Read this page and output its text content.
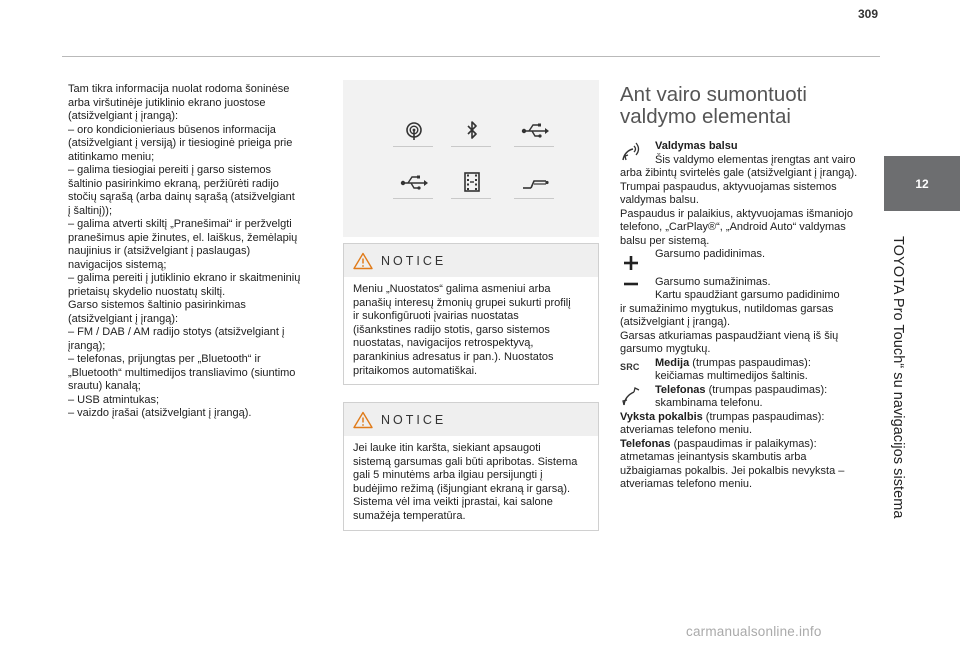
309
12
TOYOTA Pro Touch“ su navigacijos sistema

Tam tikra informacija nuolat rodoma šoninėse

arba viršutinėje jutiklinio ekrano juostose

(atsižvelgiant į įrangą):

– oro kondicionieriaus būsenos informacija

(atsižvelgiant į versiją) ir tiesioginė prieiga prie

atitinkamo meniu;

– galima tiesiogiai pereiti į garso sistemos

šaltinio pasirinkimo ekraną, peržiūrėti radijo

stočių sąrašą (arba dainų sąrašą (atsižvelgiant

į šaltinį));

– galima atverti skiltį „Pranešimai“ ir peržvelgti

pranešimus apie žinutes, el. laiškus, žemėlapių

naujinius ir (atsižvelgiant į paslaugas)

navigacijos sistemą;

– galima pereiti į jutiklinio ekrano ir skaitmeninių

prietaisų skydelio nuostatų skiltį.

Garso sistemos šaltinio pasirinkimas

(atsižvelgiant į įrangą):

– FM / DAB / AM radijo stotys (atsižvelgiant į

įrangą);

– telefonas, prijungtas per „Bluetooth“ ir

„Bluetooth“ multimedijos transliavimo (siuntimo

srautu) kanalą;

– USB atmintukas;

– vaizdo įrašai (atsižvelgiant į įrangą).

NOTICE

Meniu „Nuostatos“ galima asmeniui arba

panašių interesų žmonių grupei sukurti profilį

ir sukonfigūruoti įvairias nuostatas

(išankstines radijo stotis, garso sistemos

nuostatas, navigacijos retrospektyvą,

parankinius adresatus ir pan.). Nuostatos

pritaikomos automatiškai.

NOTICE

Jei lauke itin karšta, siekiant apsaugoti

sistemą garsumas gali būti apribotas. Sistema

gali 5 minutėms arba ilgiau persijungti į

budėjimo režimą (išjungiant ekraną ir garsą).

Sistema vėl ima veikti įprastai, kai salone

sumažėja temperatūra.

Ant vairo sumontuoti
valdymo elementai

Valdymas balsu

Šis valdymo elementas įrengtas ant vairo

arba žibintų svirtelės gale (atsižvelgiant į įrangą).

Trumpai paspaudus, aktyvuojamas sistemos

valdymas balsu.

Paspaudus ir palaikius, aktyvuojamas išmaniojo

telefono, „CarPlay®“, „Android Auto“ valdymas

balsu per sistemą.

Garsumo padidinimas.

Garsumo sumažinimas.

Kartu spaudžiant garsumo padidinimo

ir sumažinimo mygtukus, nutildomas garsas

(atsižvelgiant į įrangą).

Garsas atkuriamas paspaudžiant vieną iš šių

garsumo mygtukų.

SRC Medija (trumpas paspaudimas):

keičiamas multimedijos šaltinis.

Telefonas (trumpas paspaudimas):

skambinama telefonu.

Vyksta pokalbis (trumpas paspaudimas):

atveriamas telefono meniu.

Telefonas (paspaudimas ir palaikymas):

atmetamas įeinantysis skambutis arba

užbaigiamas pokalbis. Jei pokalbis nevyksta –

atveriamas telefono meniu.

carmanualsonline.info
